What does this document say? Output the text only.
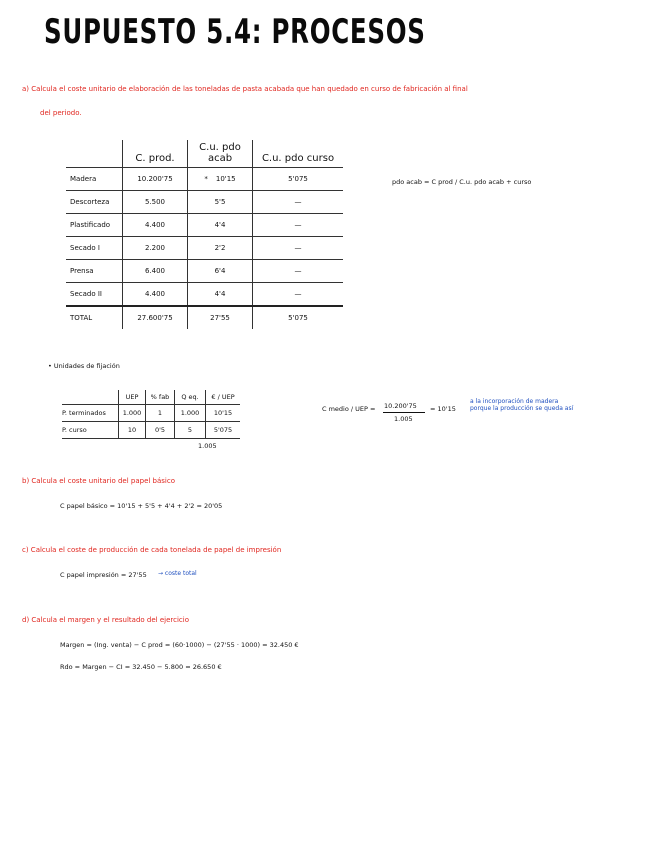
SUPUESTO 5.4: PROCESOS
a) Calcula el coste unitario de elaboración de las toneladas de pasta acabada que han quedado en curso de fabricación al final
del periodo.
	C. prod.	C.u. pdo acab	C.u. pdo curso
Madera	10.200'75	* 10'15	5'075
Descorteza	5.500	5'5	—
Plastificado	4.400	4'4	—
Secado I	2.200	2'2	—
Prensa	6.400	6'4	—
Secado II	4.400	4'4	—
TOTAL	27.600'75	27'55	5'075
pdo acab = C prod / C.u. pdo acab + curso
• Unidades de fijación
	UEP	% fab	Q eq.	€ / UEP
P. terminados	1.000	1	1.000	10'15
P. curso	10	0'5	5	5'075
1.005
C medio / UEP = 10.200'75
1.005
= 10'15
a la incorporación de madera porque la producción se queda así
b) Calcula el coste unitario del papel básico
C papel básico = 10'15 + 5'5 + 4'4 + 2'2 = 20'05
c) Calcula el coste de producción de cada tonelada de papel de impresión
C papel impresión = 27'55 → coste total
d) Calcula el margen y el resultado del ejercicio
Margen = (Ing. venta) − C prod = (60·1000) − (27'55 · 1000) = 32.450 €
Rdo = Margen − CI = 32.450 − 5.800 = 26.650 €
